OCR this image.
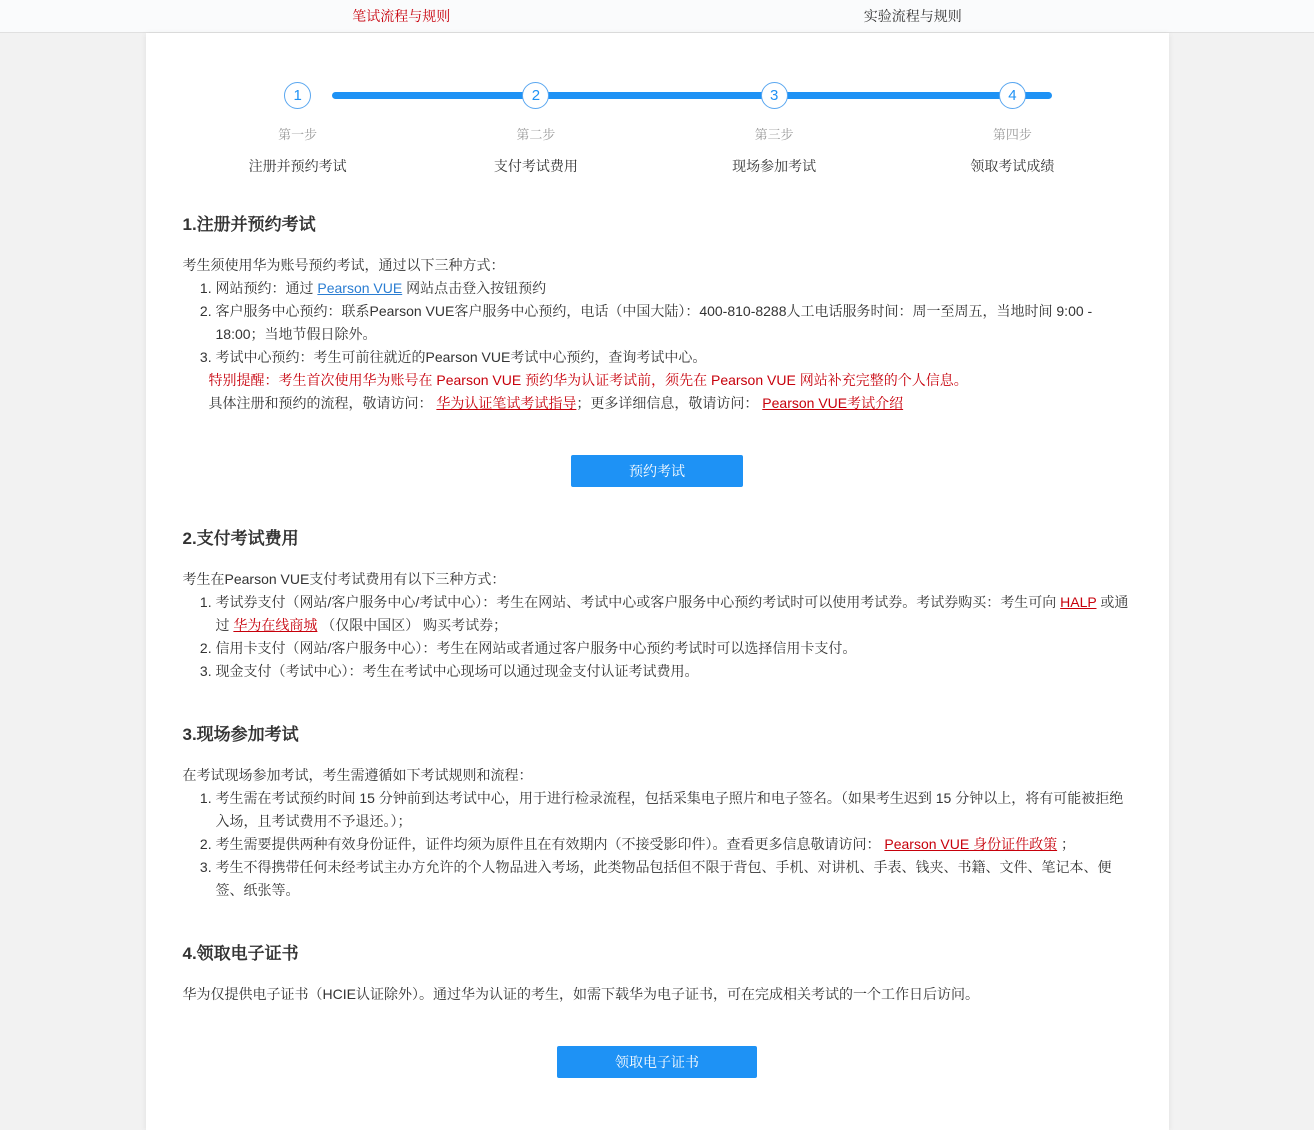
笔试流程与规则	实验流程与规则
1
第一步
注册并预约考试
2
第二步
支付考试费用
3
第三步
现场参加考试
4
第四步
领取考试成绩
1.注册并预约考试

考生须使用华为账号预约考试，通过以下三种方式：

1. 网站预约：通过 Pearson VUE 网站点击登入按钮预约
2. 客户服务中心预约：联系Pearson VUE客户服务中心预约，电话（中国大陆）：400-810-8288人工电话服务时间：周一至周五，当地时间 9:00 - 18:00；当地节假日除外。
3. 考试中心预约：考生可前往就近的Pearson VUE考试中心预约，查询考试中心。

特别提醒：考生首次使用华为账号在 Pearson VUE 预约华为认证考试前，须先在 Pearson VUE 网站补充完整的个人信息。

具体注册和预约的流程，敬请访问： 华为认证笔试考试指导；更多详细信息，敬请访问： Pearson VUE考试介绍

预约考试
2.支付考试费用

考生在Pearson VUE支付考试费用有以下三种方式：

1. 考试券支付（网站/客户服务中心/考试中心）：考生在网站、考试中心或客户服务中心预约考试时可以使用考试券。考试券购买：考生可向 HALP 或通过 华为在线商城 （仅限中国区） 购买考试券；
2. 信用卡支付（网站/客户服务中心）：考生在网站或者通过客户服务中心预约考试时可以选择信用卡支付。
3. 现金支付（考试中心）：考生在考试中心现场可以通过现金支付认证考试费用。
3.现场参加考试

在考试现场参加考试，考生需遵循如下考试规则和流程：

1. 考生需在考试预约时间 15 分钟前到达考试中心，用于进行检录流程，包括采集电子照片和电子签名。（如果考生迟到 15 分钟以上，将有可能被拒绝入场，且考试费用不予退还。）；
2. 考生需要提供两种有效身份证件，证件均须为原件且在有效期内（不接受影印件）。查看更多信息敬请访问： Pearson VUE 身份证件政策 ；
3. 考生不得携带任何未经考试主办方允许的个人物品进入考场，此类物品包括但不限于背包、手机、对讲机、手表、钱夹、书籍、文件、笔记本、便签、纸张等。
4.领取电子证书

华为仅提供电子证书（HCIE认证除外）。通过华为认证的考生，如需下载华为电子证书，可在完成相关考试的一个工作日后访问。

领取电子证书
